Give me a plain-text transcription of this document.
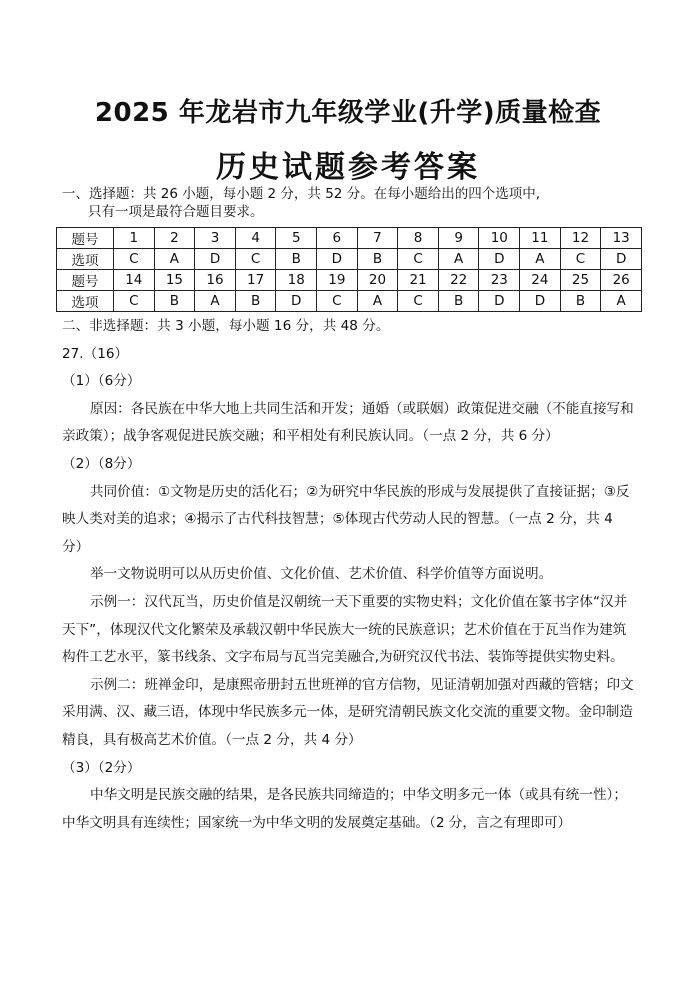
2025 年龙岩市九年级学业(升学)质量检查
历史试题参考答案

一、选择题：共 26 小题，每小题 2 分，共 52 分。在每小题给出的四个选项中,

只有一项是最符合题目要求。

题号	1	2	3	4	5	6	7	8	9	10	11	12	13
选项	C	A	D	C	B	D	B	C	A	D	A	C	D
题号	14	15	16	17	18	19	20	21	22	23	24	25	26
选项	C	B	A	B	D	C	A	C	B	D	D	B	A

二、非选择题：共 3 小题，每小题 16 分，共 48 分。

27.（16）

（1）（6分）

原因：各民族在中华大地上共同生活和开发；通婚（或联姻）政策促进交融（不能直接写和亲政策）；战争客观促进民族交融；和平相处有利民族认同。（一点 2 分，共 6 分）

（2）（8分）

共同价值：①文物是历史的活化石；②为研究中华民族的形成与发展提供了直接证据；③反映人类对美的追求；④揭示了古代科技智慧；⑤体现古代劳动人民的智慧。（一点 2 分，共 4 分）

举一文物说明可以从历史价值、文化价值、艺术价值、科学价值等方面说明。

示例一：汉代瓦当，历史价值是汉朝统一天下重要的实物史料；文化价值在篆书字体“汉并天下”，体现汉代文化繁荣及承载汉朝中华民族大一统的民族意识；艺术价值在于瓦当作为建筑构件工艺水平，篆书线条、文字布局与瓦当完美融合,为研究汉代书法、装饰等提供实物史料。

示例二：班禅金印，是康熙帝册封五世班禅的官方信物，见证清朝加强对西藏的管辖；印文采用满、汉、藏三语，体现中华民族多元一体，是研究清朝民族文化交流的重要文物。金印制造精良，具有极高艺术价值。（一点 2 分，共 4 分）

（3）（2分）

中华文明是民族交融的结果，是各民族共同缔造的；中华文明多元一体（或具有统一性）；中华文明具有连续性；国家统一为中华文明的发展奠定基础。（2 分，言之有理即可）
